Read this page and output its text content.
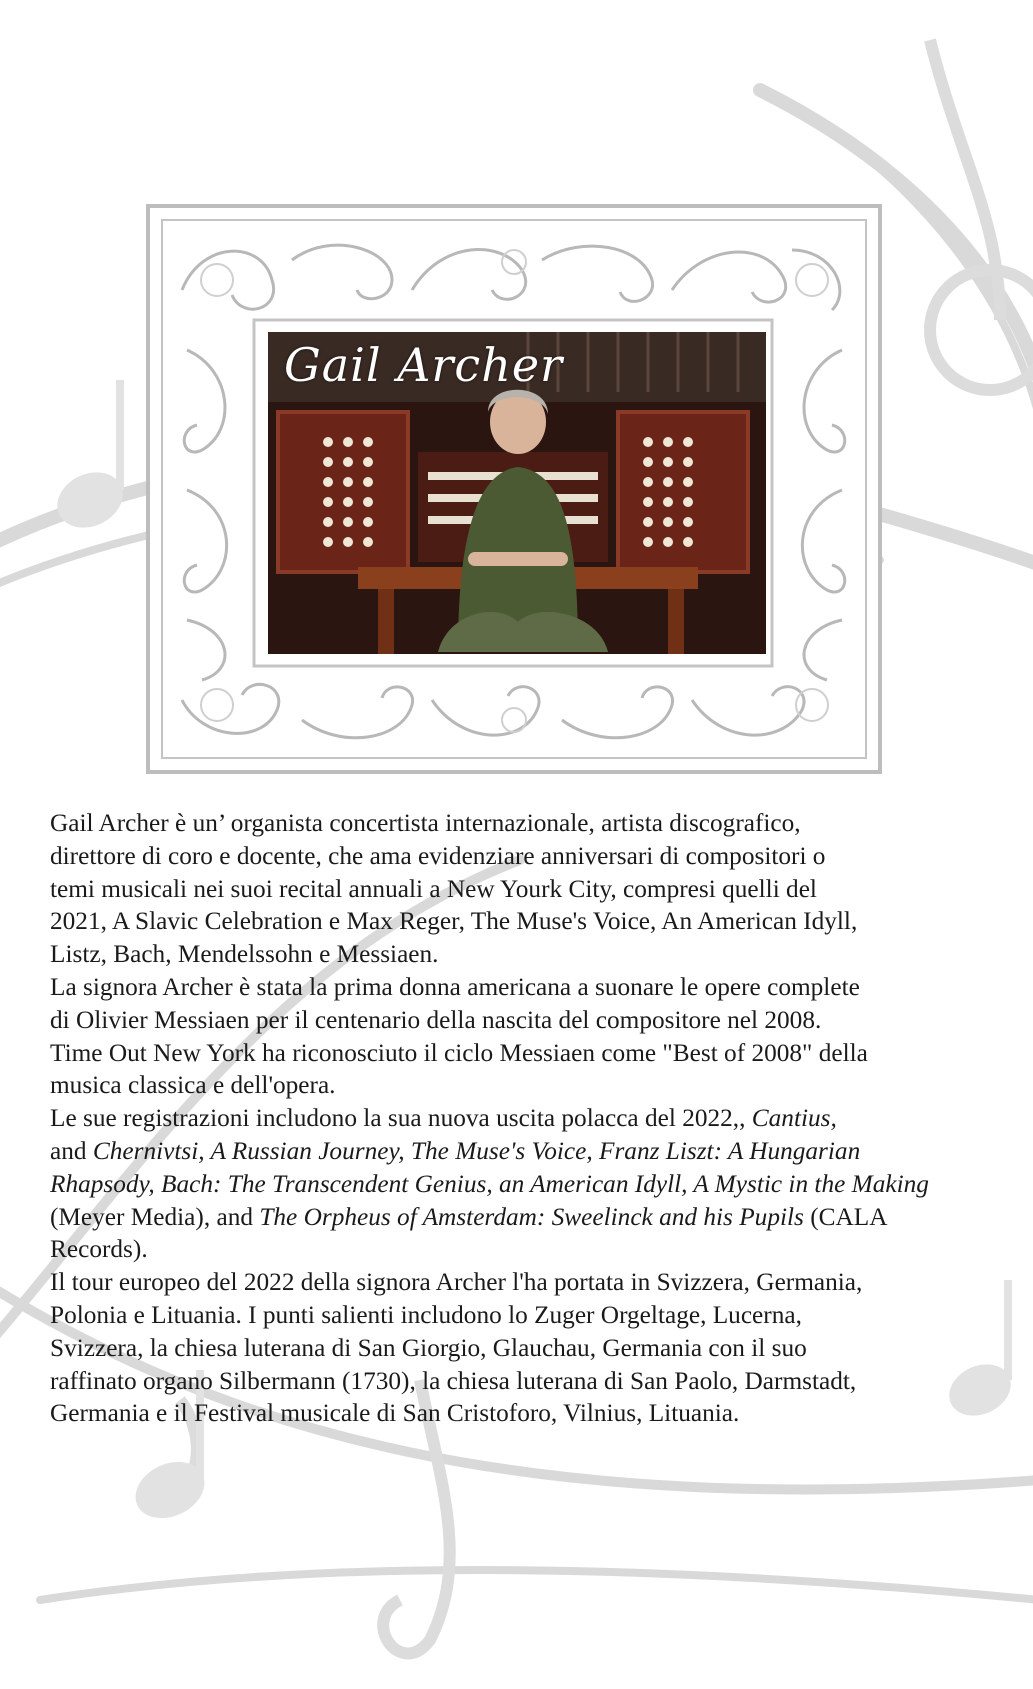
Gail Archer

Gail Archer è un’ organista concertista internazionale, artista discografico,
direttore di coro e docente, che ama evidenziare anniversari di compositori o
temi musicali nei suoi recital annuali a New Yourk City, compresi quelli del
2021, A Slavic Celebration e Max Reger, The Muse's Voice, An American Idyll,
Listz, Bach, Mendelssohn e Messiaen.

La signora Archer è stata la prima donna americana a suonare le opere complete
di Olivier Messiaen per il centenario della nascita del compositore nel 2008.
Time Out New York ha riconosciuto il ciclo Messiaen come "Best of 2008" della
musica classica e dell'opera.

Le sue registrazioni includono la sua nuova uscita polacca del 2022,, Cantius,
and Chernivtsi, A Russian Journey, The Muse's Voice, Franz Liszt: A Hungarian
Rhapsody, Bach: The Transcendent Genius, an American Idyll, A Mystic in the Making
(Meyer Media), and The Orpheus of Amsterdam: Sweelinck and his Pupils (CALA
Records).

Il tour europeo del 2022 della signora Archer l'ha portata in Svizzera, Germania,
Polonia e Lituania. I punti salienti includono lo Zuger Orgeltage, Lucerna,
Svizzera, la chiesa luterana di San Giorgio, Glauchau, Germania con il suo
raffinato organo Silbermann (1730), la chiesa luterana di San Paolo, Darmstadt,
Germania e il Festival musicale di San Cristoforo, Vilnius, Lituania.
